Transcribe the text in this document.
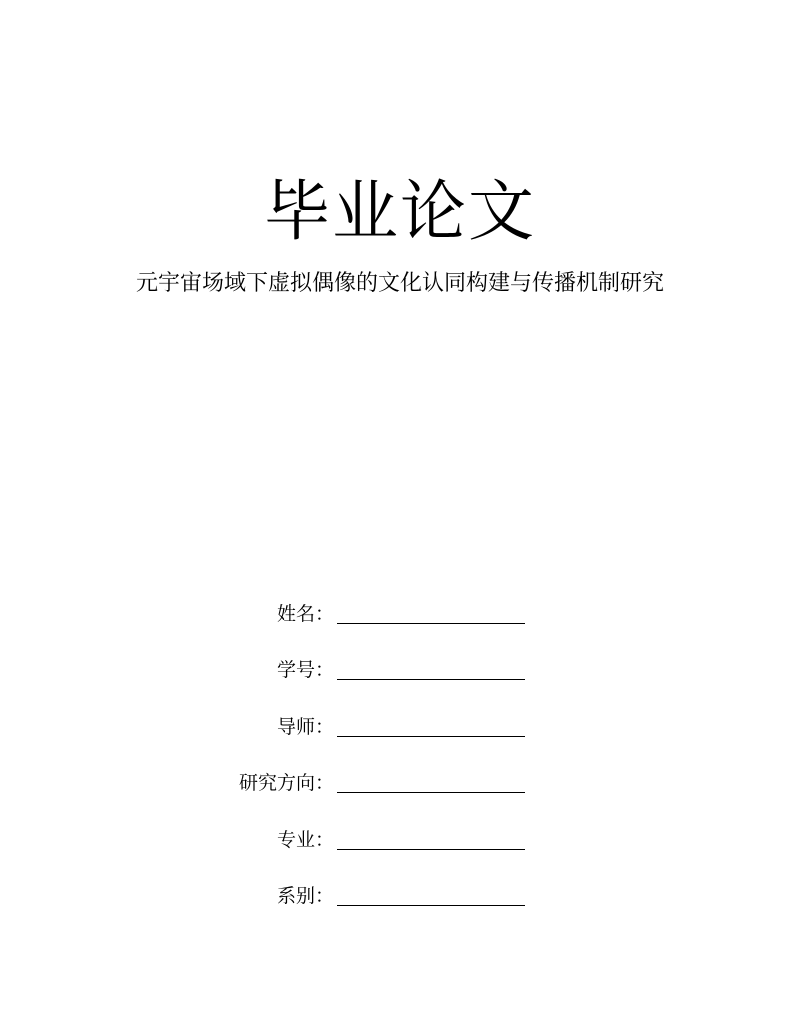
毕业论文
元宇宙场域下虚拟偶像的文化认同构建与传播机制研究
姓名：
学号：
导师：
研究方向：
专业：
系别：
